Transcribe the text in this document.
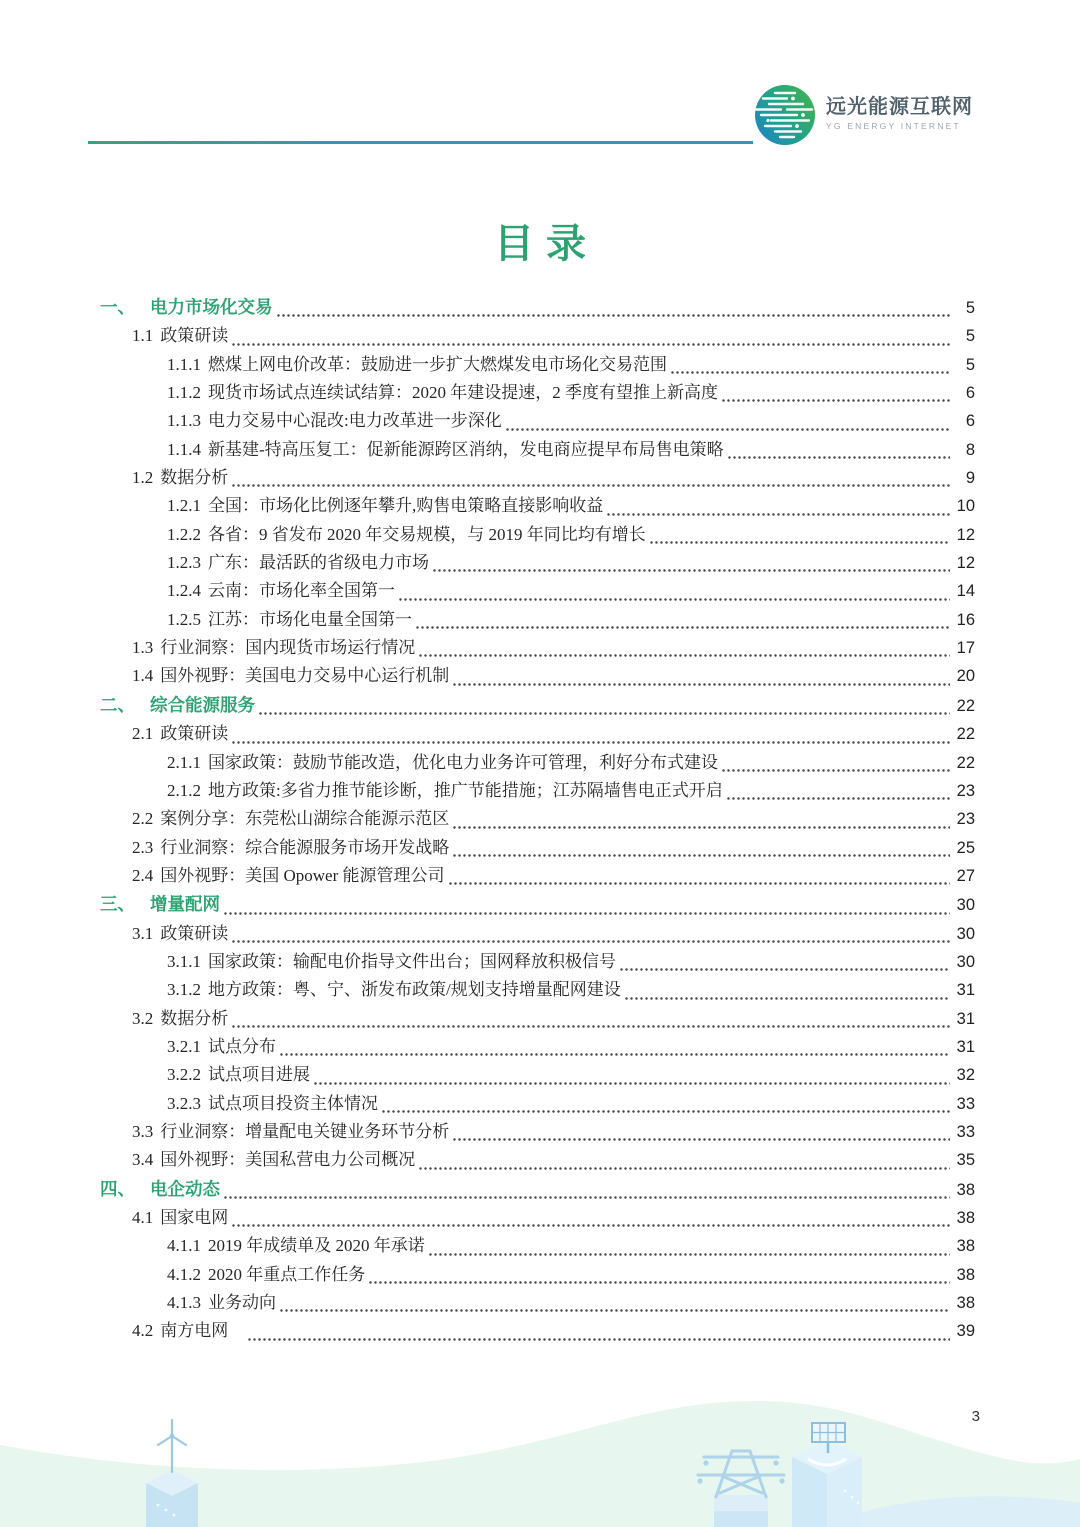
远光能源互联网
YG ENERGY INTERNET
目录
一、 电力市场化交易	5
1.1 政策研读	5
1.1.1 燃煤上网电价改革：鼓励进一步扩大燃煤发电市场化交易范围	5
1.1.2 现货市场试点连续试结算：2020 年建设提速，2 季度有望推上新高度	6
1.1.3 电力交易中心混改:电力改革进一步深化	6
1.1.4 新基建-特高压复工：促新能源跨区消纳，发电商应提早布局售电策略	8
1.2 数据分析	9
1.2.1 全国：市场化比例逐年攀升,购售电策略直接影响收益	10
1.2.2 各省：9 省发布 2020 年交易规模，与 2019 年同比均有增长	12
1.2.3 广东：最活跃的省级电力市场	12
1.2.4 云南：市场化率全国第一	14
1.2.5 江苏：市场化电量全国第一	16
1.3 行业洞察：国内现货市场运行情况	17
1.4 国外视野：美国电力交易中心运行机制	20
二、 综合能源服务	22
2.1 政策研读	22
2.1.1 国家政策：鼓励节能改造，优化电力业务许可管理，利好分布式建设	22
2.1.2 地方政策:多省力推节能诊断，推广节能措施；江苏隔墙售电正式开启	23
2.2 案例分享：东莞松山湖综合能源示范区	23
2.3 行业洞察：综合能源服务市场开发战略	25
2.4 国外视野：美国 Opower 能源管理公司	27
三、 增量配网	30
3.1 政策研读	30
3.1.1 国家政策：输配电价指导文件出台；国网释放积极信号	30
3.1.2 地方政策：粤、宁、浙发布政策/规划支持增量配网建设	31
3.2 数据分析	31
3.2.1 试点分布	31
3.2.2 试点项目进展	32
3.2.3 试点项目投资主体情况	33
3.3 行业洞察：增量配电关键业务环节分析	33
3.4 国外视野：美国私营电力公司概况	35
四、 电企动态	38
4.1 国家电网	38
4.1.1 2019 年成绩单及 2020 年承诺	38
4.1.2 2020 年重点工作任务	38
4.1.3 业务动向	38
4.2 南方电网	39
3
